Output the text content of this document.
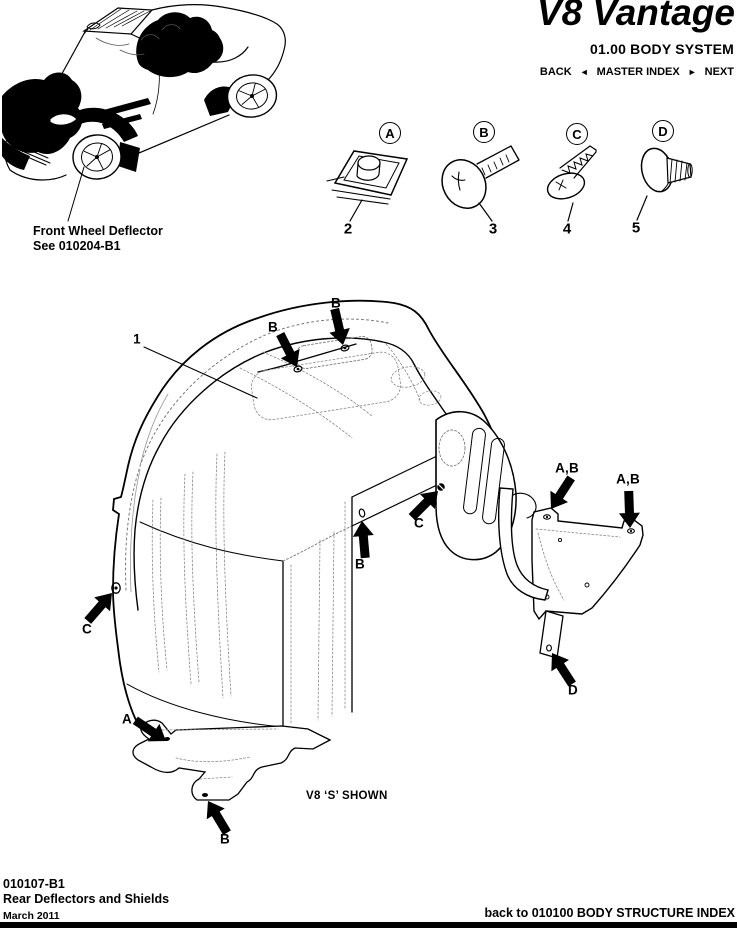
V8 Vantage
01.00 BODY SYSTEM
BACK ◄ MASTER INDEX ► NEXT
Front Wheel Deflector
See 010204-B1
A	B	C	D
2	3	4	5
1
B
B
C
B
A,B
A,B
D
C
A
B
V8 ‘S’ SHOWN
010107-B1
Rear Deflectors and Shields
March 2011	back to 010100 BODY STRUCTURE INDEX
